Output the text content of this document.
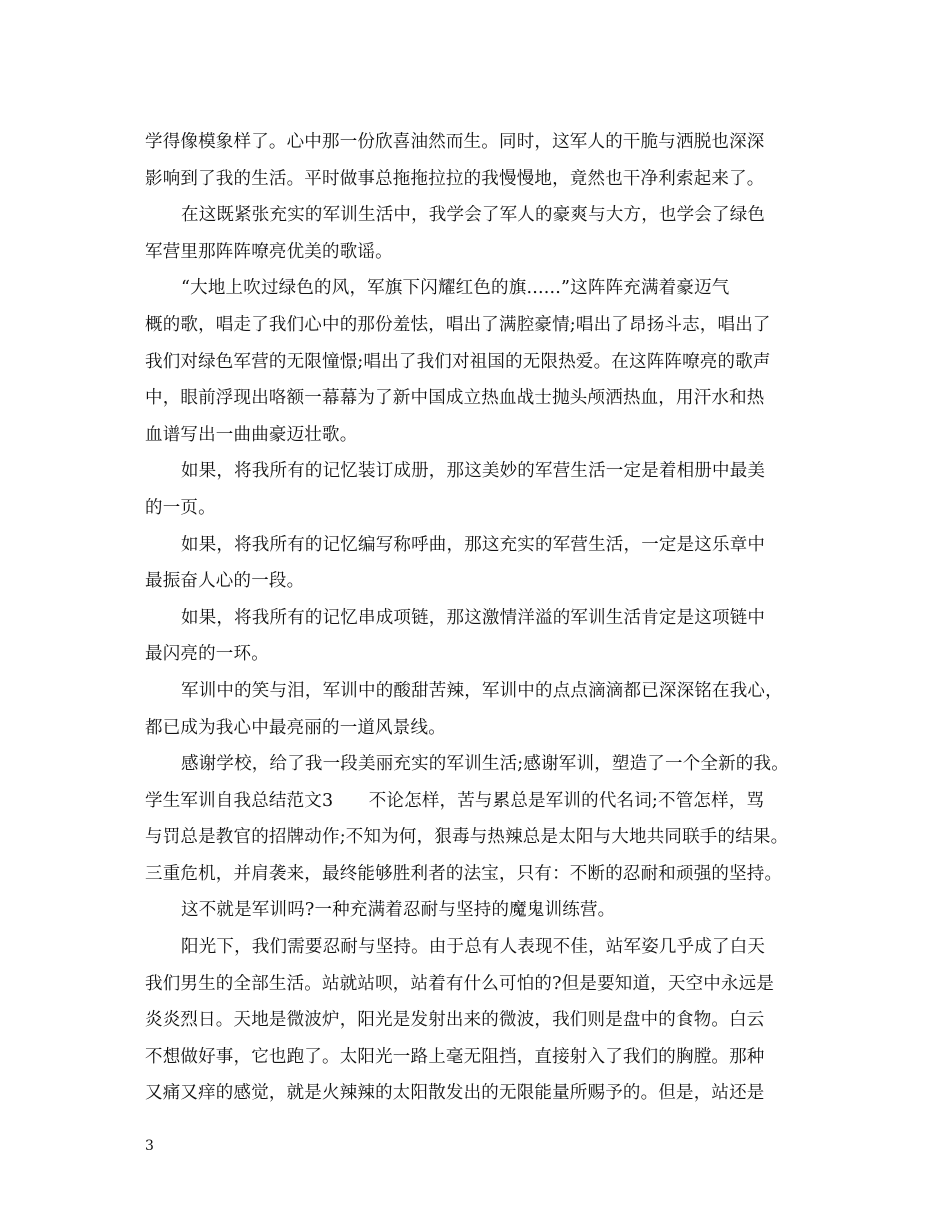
学得像模象样了。心中那一份欣喜油然而生。同时，这军人的干脆与洒脱也深深
影响到了我的生活。平时做事总拖拖拉拉的我慢慢地，竟然也干净利索起来了。
在这既紧张充实的军训生活中，我学会了军人的豪爽与大方，也学会了绿色
军营里那阵阵嘹亮优美的歌谣。
“大地上吹过绿色的风，军旗下闪耀红色的旗......”这阵阵充满着豪迈气
概的歌，唱走了我们心中的那份羞怯，唱出了满腔豪情;唱出了昂扬斗志，唱出了
我们对绿色军营的无限憧憬;唱出了我们对祖国的无限热爱。在这阵阵嘹亮的歌声
中，眼前浮现出咯额一幕幕为了新中国成立热血战士抛头颅洒热血，用汗水和热
血谱写出一曲曲豪迈壮歌。
如果，将我所有的记忆装订成册，那这美妙的军营生活一定是着相册中最美
的一页。
如果，将我所有的记忆编写称呼曲，那这充实的军营生活，一定是这乐章中
最振奋人心的一段。
如果，将我所有的记忆串成项链，那这激情洋溢的军训生活肯定是这项链中
最闪亮的一环。
军训中的笑与泪，军训中的酸甜苦辣，军训中的点点滴滴都已深深铭在我心，
都已成为我心中最亮丽的一道风景线。
感谢学校，给了我一段美丽充实的军训生活;感谢军训，塑造了一个全新的我。
学生军训自我总结范文3　　不论怎样，苦与累总是军训的代名词;不管怎样，骂
与罚总是教官的招牌动作;不知为何，狠毒与热辣总是太阳与大地共同联手的结果。
三重危机，并肩袭来，最终能够胜利者的法宝，只有：不断的忍耐和顽强的坚持。
这不就是军训吗?一种充满着忍耐与坚持的魔鬼训练营。
阳光下，我们需要忍耐与坚持。由于总有人表现不佳，站军姿几乎成了白天
我们男生的全部生活。站就站呗，站着有什么可怕的?但是要知道，天空中永远是
炎炎烈日。天地是微波炉，阳光是发射出来的微波，我们则是盘中的食物。白云
不想做好事，它也跑了。太阳光一路上毫无阻挡，直接射入了我们的胸膛。那种
又痛又痒的感觉，就是火辣辣的太阳散发出的无限能量所赐予的。但是，站还是
3
